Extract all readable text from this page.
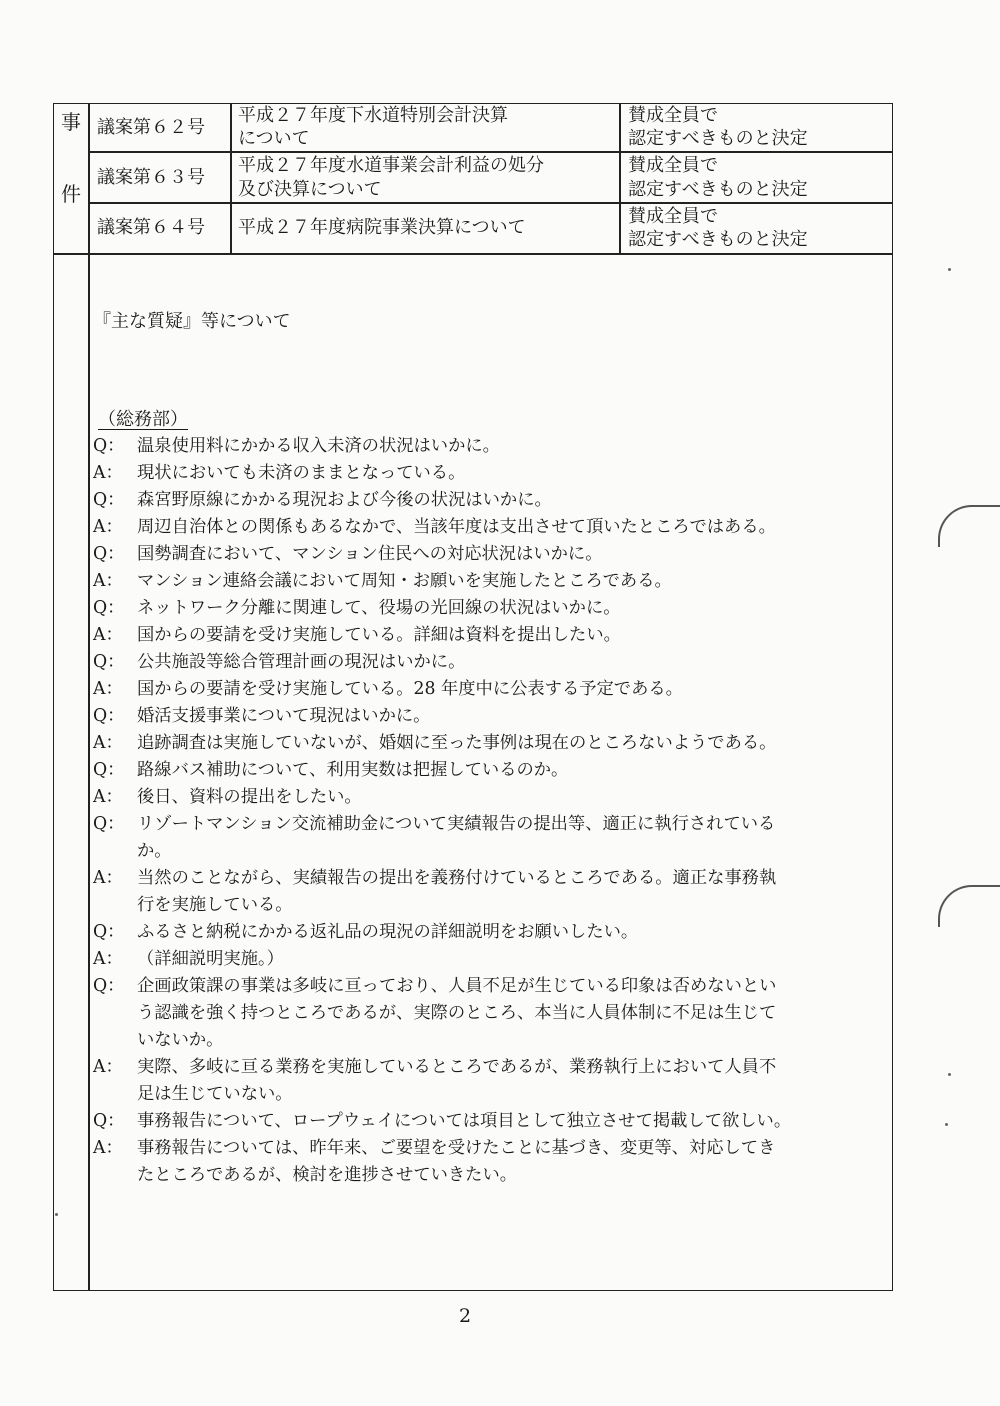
事
件
議案第６２号
平成２７年度下水道特別会計決算
について
賛成全員で
認定すべきものと決定
議案第６３号
平成２７年度水道事業会計利益の処分
及び決算について
賛成全員で
認定すべきものと決定
議案第６４号 平成２７年度病院事業決算について
賛成全員で
認定すべきものと決定
『主な質疑』等について
（総務部）
Q： 温泉使用料にかかる収入未済の状況はいかに。
A： 現状においても未済のままとなっている。
Q： 森宮野原線にかかる現況および今後の状況はいかに。
A： 周辺自治体との関係もあるなかで、当該年度は支出させて頂いたところではある。
Q： 国勢調査において、マンション住民への対応状況はいかに。
A： マンション連絡会議において周知・お願いを実施したところである。
Q： ネットワーク分離に関連して、役場の光回線の状況はいかに。
A： 国からの要請を受け実施している。詳細は資料を提出したい。
Q： 公共施設等総合管理計画の現況はいかに。
A： 国からの要請を受け実施している。28 年度中に公表する予定である。
Q： 婚活支援事業について現況はいかに。
A： 追跡調査は実施していないが、婚姻に至った事例は現在のところないようである。
Q： 路線バス補助について、利用実数は把握しているのか。
A： 後日、資料の提出をしたい。
Q： リゾートマンション交流補助金について実績報告の提出等、適正に執行されている
か。
A： 当然のことながら、実績報告の提出を義務付けているところである。適正な事務執
行を実施している。
Q： ふるさと納税にかかる返礼品の現況の詳細説明をお願いしたい。
A： （詳細説明実施。）
Q： 企画政策課の事業は多岐に亘っており、人員不足が生じている印象は否めないとい
う認識を強く持つところであるが、実際のところ、本当に人員体制に不足は生じて
いないか。
A： 実際、多岐に亘る業務を実施しているところであるが、業務執行上において人員不
足は生じていない。
Q： 事務報告について、ロープウェイについては項目として独立させて掲載して欲しい。
A： 事務報告については、昨年来、ご要望を受けたことに基づき、変更等、対応してき
たところであるが、検討を進捗させていきたい。
2
